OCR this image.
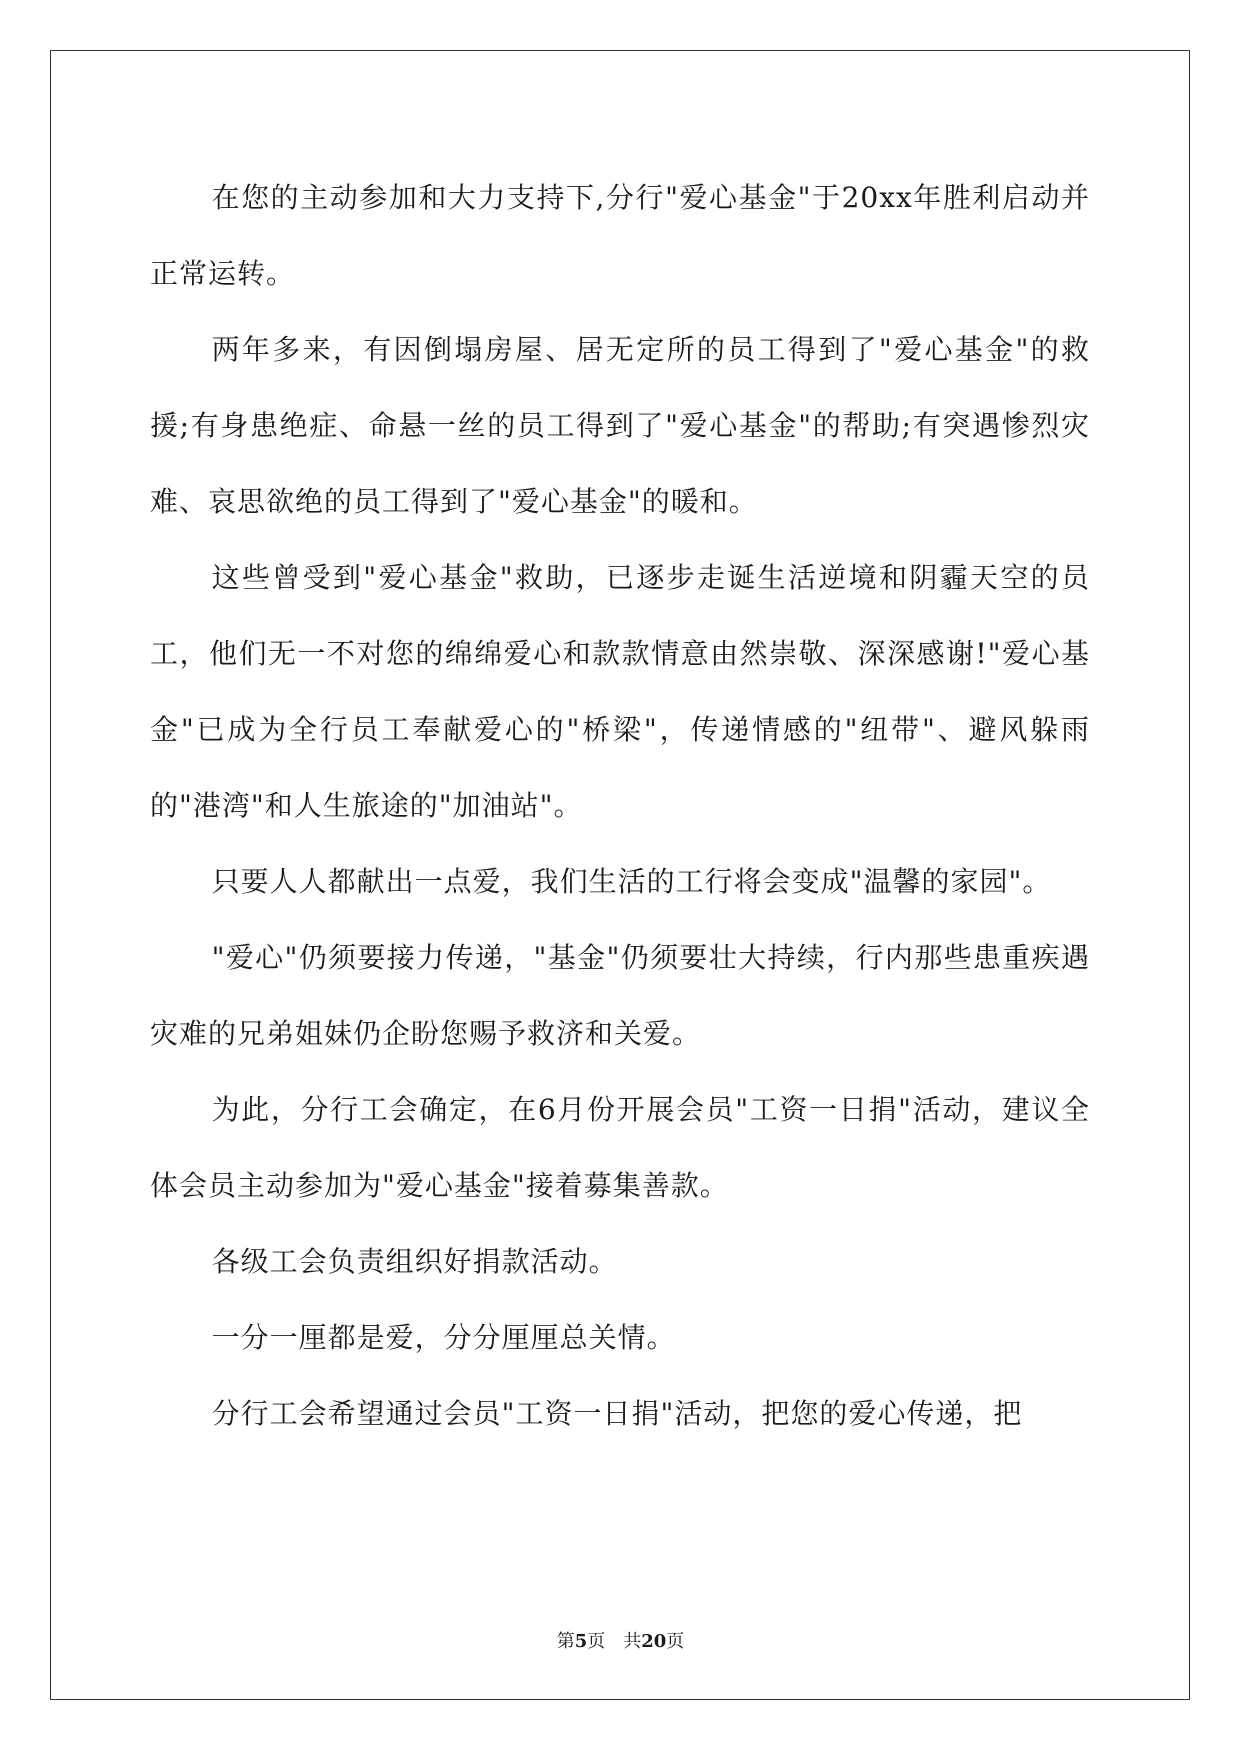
在您的主动参加和大力支持下,分行"爱心基金"于20xx年胜利启动并正常运转。

两年多来，有因倒塌房屋、居无定所的员工得到了"爱心基金"的救援;有身患绝症、命悬一丝的员工得到了"爱心基金"的帮助;有突遇惨烈灾难、哀思欲绝的员工得到了"爱心基金"的暖和。

这些曾受到"爱心基金"救助，已逐步走诞生活逆境和阴霾天空的员工，他们无一不对您的绵绵爱心和款款情意由然崇敬、深深感谢!"爱心基金"已成为全行员工奉献爱心的"桥梁"，传递情感的"纽带"、避风躲雨的"港湾"和人生旅途的"加油站"。

只要人人都献出一点爱，我们生活的工行将会变成"温馨的家园"。

"爱心"仍须要接力传递，"基金"仍须要壮大持续，行内那些患重疾遇灾难的兄弟姐妹仍企盼您赐予救济和关爱。

为此，分行工会确定，在6月份开展会员"工资一日捐"活动，建议全体会员主动参加为"爱心基金"接着募集善款。

各级工会负责组织好捐款活动。

一分一厘都是爱，分分厘厘总关情。

分行工会希望通过会员"工资一日捐"活动，把您的爱心传递，把

第5页 共20页
